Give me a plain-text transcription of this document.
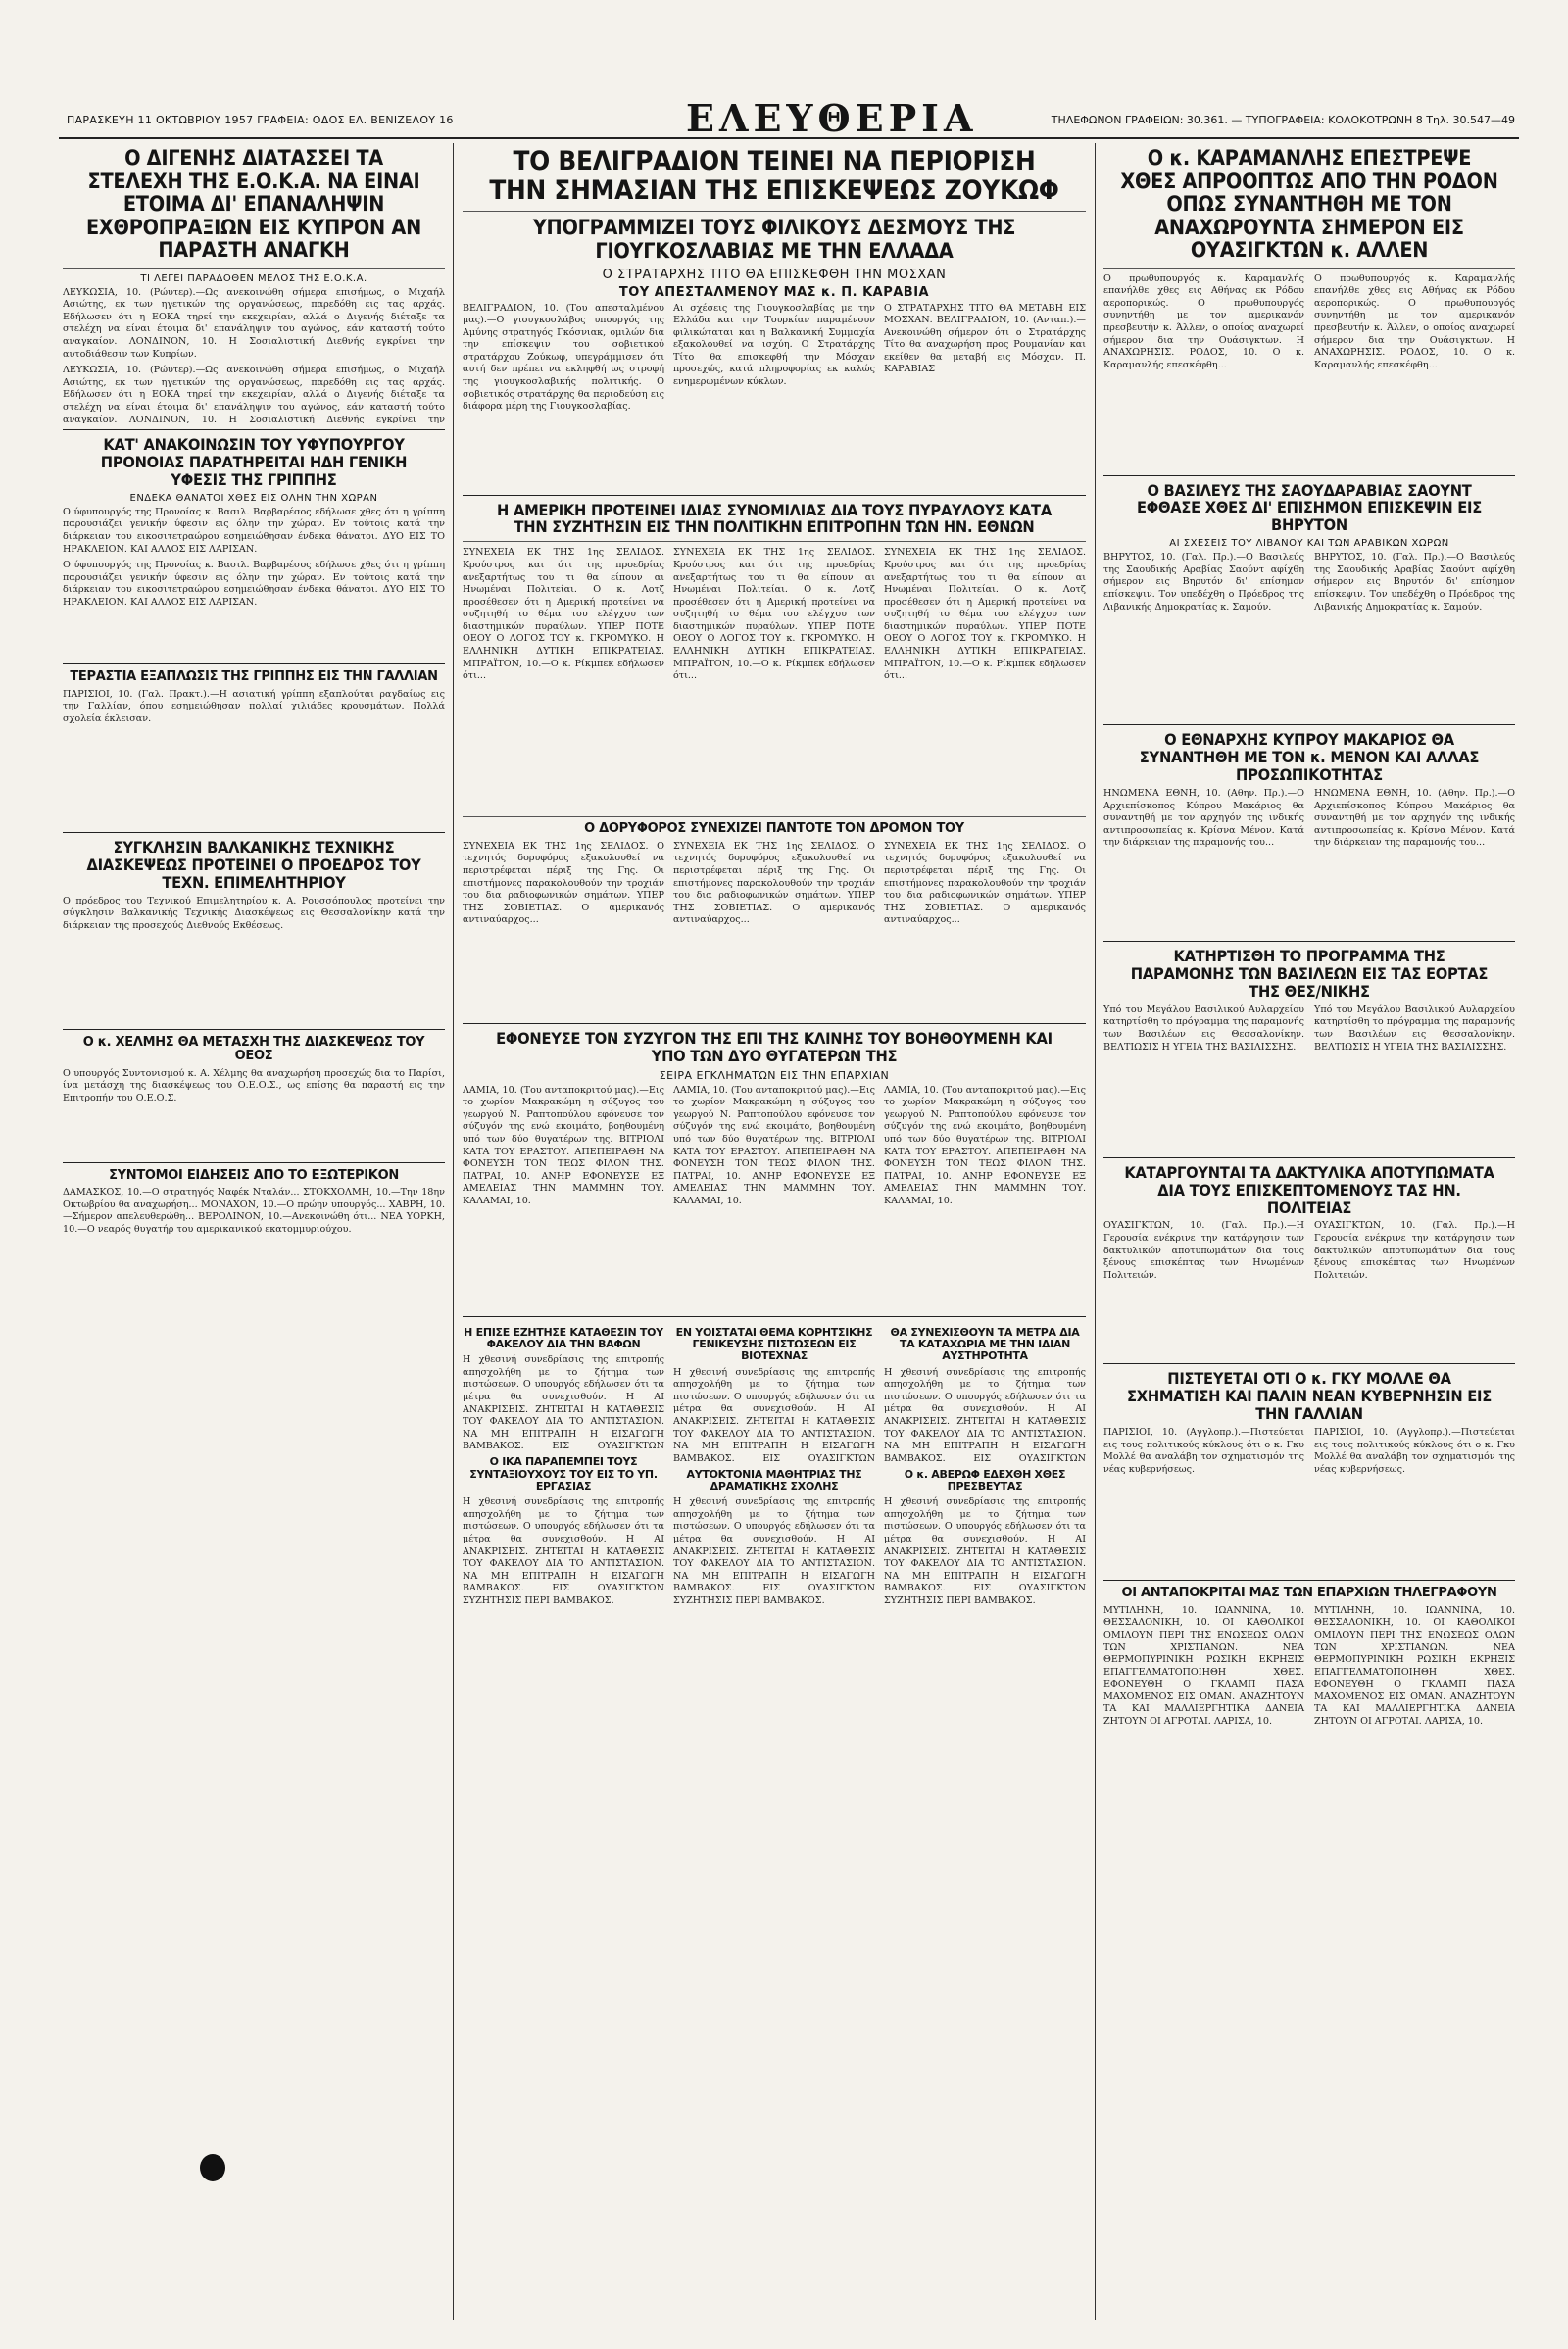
ΠΑΡΑΣΚΕΥΗ 11 ΟΚΤΩΒΡΙΟΥ 1957 ΓΡΑΦΕΙΑ: ΟΔΟΣ ΕΛ. ΒΕΝΙΖΕΛΟΥ 16	ΕΛΕΥΘΕΡΙΑ	ΤΗΛΕΦΩΝΟΝ ΓΡΑΦΕΙΩΝ: 30.361. — ΤΥΠΟΓΡΑΦΕΙΑ: ΚΟΛΟΚΟΤΡΩΝΗ 8 Τηλ. 30.547—49
Ο ΔΙΓΕΝΗΣ ΔΙΑΤΑΣΣΕΙ ΤΑ ΣΤΕΛΕΧΗ ΤΗΣ Ε.Ο.Κ.Α. ΝΑ ΕΙΝΑΙ ΕΤΟΙΜΑ ΔΙ' ΕΠΑΝΑΛΗΨΙΝ ΕΧΘΡΟΠΡΑΞΙΩΝ ΕΙΣ ΚΥΠΡΟΝ ΑΝ ΠΑΡΑΣΤΗ ΑΝΑΓΚΗ
ΤΙ ΛΕΓΕΙ ΠΑΡΑΔΟΘΕΝ ΜΕΛΟΣ ΤΗΣ Ε.Ο.Κ.Α.
ΛΕΥΚΩΣΙΑ, 10. (Ρώυτερ).—Ως ανεκοινώθη σήμερα επισήμως, ο Μιχαήλ Ασιώτης, εκ των ηγετικών της οργανώσεως, παρεδόθη εις τας αρχάς. Εδήλωσεν ότι η ΕΟΚΑ τηρεί την εκεχειρίαν, αλλά ο Διγενής διέταξε τα στελέχη να είναι έτοιμα δι' επανάληψιν του αγώνος, εάν καταστή τούτο αναγκαίον. ΛΟΝΔΙΝΟΝ, 10. Η Σοσιαλιστική Διεθνής εγκρίνει την αυτοδιάθεσιν των Κυπρίων.
ΛΕΥΚΩΣΙΑ, 10. (Ρώυτερ).—Ως ανεκοινώθη σήμερα επισήμως, ο Μιχαήλ Ασιώτης, εκ των ηγετικών της οργανώσεως, παρεδόθη εις τας αρχάς. Εδήλωσεν ότι η ΕΟΚΑ τηρεί την εκεχειρίαν, αλλά ο Διγενής διέταξε τα στελέχη να είναι έτοιμα δι' επανάληψιν του αγώνος, εάν καταστή τούτο αναγκαίον. ΛΟΝΔΙΝΟΝ, 10. Η Σοσιαλιστική Διεθνής εγκρίνει την
ΚΑΤ' ΑΝΑΚΟΙΝΩΣΙΝ ΤΟΥ ΥΦΥΠΟΥΡΓΟΥ ΠΡΟΝΟΙΑΣ ΠΑΡΑΤΗΡΕΙΤΑΙ ΗΔΗ ΓΕΝΙΚΗ ΥΦΕΣΙΣ ΤΗΣ ΓΡΙΠΠΗΣ
ΕΝΔΕΚΑ ΘΑΝΑΤΟΙ ΧΘΕΣ ΕΙΣ ΟΛΗΝ ΤΗΝ ΧΩΡΑΝ
Ο ύφυπουργός της Προνοίας κ. Βασιλ. Βαρβαρέσος εδήλωσε χθες ότι η γρίππη παρουσιάζει γενικήν ύφεσιν εις όλην την χώραν. Εν τούτοις κατά την διάρκειαν του εικοσιτετραώρου εσημειώθησαν ένδεκα θάνατοι. ΔΥΟ ΕΙΣ ΤΟ ΗΡΑΚΛΕΙΟΝ. ΚΑΙ ΑΛΛΟΣ ΕΙΣ ΛΑΡΙΣΑΝ.
Ο ύφυπουργός της Προνοίας κ. Βασιλ. Βαρβαρέσος εδήλωσε χθες ότι η γρίππη παρουσιάζει γενικήν ύφεσιν εις όλην την χώραν. Εν τούτοις κατά την διάρκειαν του εικοσιτετραώρου εσημειώθησαν ένδεκα θάνατοι. ΔΥΟ ΕΙΣ ΤΟ ΗΡΑΚΛΕΙΟΝ. ΚΑΙ ΑΛΛΟΣ ΕΙΣ ΛΑΡΙΣΑΝ.
ΤΕΡΑΣΤΙΑ ΕΞΑΠΛΩΣΙΣ ΤΗΣ ΓΡΙΠΠΗΣ ΕΙΣ ΤΗΝ ΓΑΛΛΙΑΝ
ΠΑΡΙΣΙΟΙ, 10. (Γαλ. Πρακτ.).—Η ασιατική γρίππη εξαπλούται ραγδαίως εις την Γαλλίαν, όπου εσημειώθησαν πολλαί χιλιάδες κρουσμάτων. Πολλά σχολεία έκλεισαν.
ΣΥΓΚΛΗΣΙΝ ΒΑΛΚΑΝΙΚΗΣ ΤΕΧΝΙΚΗΣ ΔΙΑΣΚΕΨΕΩΣ ΠΡΟΤΕΙΝΕΙ Ο ΠΡΟΕΔΡΟΣ ΤΟΥ ΤΕΧΝ. ΕΠΙΜΕΛΗΤΗΡΙΟΥ
Ο πρόεδρος του Τεχνικού Επιμελητηρίου κ. Α. Ρουσσόπουλος προτείνει την σύγκλησιν Βαλκανικής Τεχνικής Διασκέψεως εις Θεσσαλονίκην κατά την διάρκειαν της προσεχούς Διεθνούς Εκθέσεως.
Ο κ. ΧΕΛΜΗΣ ΘΑ ΜΕΤΑΣΧΗ ΤΗΣ ΔΙΑΣΚΕΨΕΩΣ ΤΟΥ ΟΕΟΣ
Ο υπουργός Συντονισμού κ. Α. Χέλμης θα αναχωρήση προσεχώς δια το Παρίσι, ίνα μετάσχη της διασκέψεως του Ο.Ε.Ο.Σ., ως επίσης θα παραστή εις την Επιτροπήν του Ο.Ε.Ο.Σ.
ΣΥΝΤΟΜΟΙ ΕΙΔΗΣΕΙΣ ΑΠΟ ΤΟ ΕΞΩΤΕΡΙΚΟΝ
ΔΑΜΑΣΚΟΣ, 10.—Ο στρατηγός Ναφέκ Νταλάν... ΣΤΟΚΧΟΛΜΗ, 10.—Την 18ην Οκτωβρίου θα αναχωρήση... ΜΟΝΑΧΟΝ, 10.—Ο πρώην υπουργός... ΧΑΒΡΗ, 10.—Σήμερον απελευθερώθη... ΒΕΡΟΛΙΝΟΝ, 10.—Ανεκοινώθη ότι... ΝΕΑ ΥΟΡΚΗ, 10.—Ο νεαρός θυγατήρ του αμερικανικού εκατομμυριούχου.
ΤΟ ΒΕΛΙΓΡΑΔΙΟΝ ΤΕΙΝΕΙ ΝΑ ΠΕΡΙΟΡΙΣΗ ΤΗΝ ΣΗΜΑΣΙΑΝ ΤΗΣ ΕΠΙΣΚΕΨΕΩΣ ΖΟΥΚΩΦ
ΥΠΟΓΡΑΜΜΙΖΕΙ ΤΟΥΣ ΦΙΛΙΚΟΥΣ ΔΕΣΜΟΥΣ ΤΗΣ ΓΙΟΥΓΚΟΣΛΑΒΙΑΣ ΜΕ ΤΗΝ ΕΛΛΑΔΑ
Ο ΣΤΡΑΤΑΡΧΗΣ ΤΙΤΟ ΘΑ ΕΠΙΣΚΕΦΘΗ ΤΗΝ ΜΟΣΧΑΝ
ΤΟΥ ΑΠΕΣΤΑΛΜΕΝΟΥ ΜΑΣ κ. Π. ΚΑΡΑΒΙΑ
ΒΕΛΙΓΡΑΔΙΟΝ, 10. (Του απεσταλμένου μας).—Ο γιουγκοσλάβος υπουργός της Αμύνης στρατηγός Γκόσνιακ, ομιλών δια την επίσκεψιν του σοβιετικού στρατάρχου Ζούκωφ, υπεγράμμισεν ότι αυτή δεν πρέπει να εκληφθή ως στροφή της γιουγκοσλαβικής πολιτικής. Ο σοβιετικός στρατάρχης θα περιοδεύση εις διάφορα μέρη της Γιουγκοσλαβίας.
Αι σχέσεις της Γιουγκοσλαβίας με την Ελλάδα και την Τουρκίαν παραμένουν φιλικώταται και η Βαλκανική Συμμαχία εξακολουθεί να ισχύη. Ο Στρατάρχης Τίτο θα επισκεφθή την Μόσχαν προσεχώς, κατά πληροφορίας εκ καλώς ενημερωμένων κύκλων.
Ο ΣΤΡΑΤΑΡΧΗΣ ΤΙΤΟ ΘΑ ΜΕΤΑΒΗ ΕΙΣ ΜΟΣΧΑΝ. ΒΕΛΙΓΡΑΔΙΟΝ, 10. (Ανταπ.).—Ανεκοινώθη σήμερον ότι ο Στρατάρχης Τίτο θα αναχωρήση προς Ρουμανίαν και εκείθεν θα μεταβή εις Μόσχαν. Π. ΚΑΡΑΒΙΑΣ
Η ΑΜΕΡΙΚΗ ΠΡΟΤΕΙΝΕΙ ΙΔΙΑΣ ΣΥΝΟΜΙΛΙΑΣ ΔΙΑ ΤΟΥΣ ΠΥΡΑΥΛΟΥΣ ΚΑΤΑ ΤΗΝ ΣΥΖΗΤΗΣΙΝ ΕΙΣ ΤΗΝ ΠΟΛΙΤΙΚΗΝ ΕΠΙΤΡΟΠΗΝ ΤΩΝ ΗΝ. ΕΘΝΩΝ
ΣΥΝΕΧΕΙΑ ΕΚ ΤΗΣ 1ης ΣΕΛΙΔΟΣ. Κρούστρος και ότι της προεδρίας ανεξαρτήτως του τι θα είπουν αι Ηνωμέναι Πολιτείαι. Ο κ. Λοτζ προσέθεσεν ότι η Αμερική προτείνει να συζητηθή το θέμα του ελέγχου των διαστημικών πυραύλων. ΥΠΕΡ ΠΟΤΕ ΟΕΟΥ Ο ΛΟΓΟΣ ΤΟΥ κ. ΓΚΡΟΜΥΚΟ. Η ΕΛΛΗΝΙΚΗ ΔΥΤΙΚΗ ΕΠΙΚΡΑΤΕΙΑΣ. ΜΠΡΑΪΤΟΝ, 10.—Ο κ. Ρίκμπεκ εδήλωσεν ότι...
ΣΥΝΕΧΕΙΑ ΕΚ ΤΗΣ 1ης ΣΕΛΙΔΟΣ. Κρούστρος και ότι της προεδρίας ανεξαρτήτως του τι θα είπουν αι Ηνωμέναι Πολιτείαι. Ο κ. Λοτζ προσέθεσεν ότι η Αμερική προτείνει να συζητηθή το θέμα του ελέγχου των διαστημικών πυραύλων. ΥΠΕΡ ΠΟΤΕ ΟΕΟΥ Ο ΛΟΓΟΣ ΤΟΥ κ. ΓΚΡΟΜΥΚΟ. Η ΕΛΛΗΝΙΚΗ ΔΥΤΙΚΗ ΕΠΙΚΡΑΤΕΙΑΣ. ΜΠΡΑΪΤΟΝ, 10.—Ο κ. Ρίκμπεκ εδήλωσεν ότι...
ΣΥΝΕΧΕΙΑ ΕΚ ΤΗΣ 1ης ΣΕΛΙΔΟΣ. Κρούστρος και ότι της προεδρίας ανεξαρτήτως του τι θα είπουν αι Ηνωμέναι Πολιτείαι. Ο κ. Λοτζ προσέθεσεν ότι η Αμερική προτείνει να συζητηθή το θέμα του ελέγχου των διαστημικών πυραύλων. ΥΠΕΡ ΠΟΤΕ ΟΕΟΥ Ο ΛΟΓΟΣ ΤΟΥ κ. ΓΚΡΟΜΥΚΟ. Η ΕΛΛΗΝΙΚΗ ΔΥΤΙΚΗ ΕΠΙΚΡΑΤΕΙΑΣ. ΜΠΡΑΪΤΟΝ, 10.—Ο κ. Ρίκμπεκ εδήλωσεν ότι...
Ο ΔΟΡΥΦΟΡΟΣ ΣΥΝΕΧΙΖΕΙ ΠΑΝΤΟΤΕ ΤΟΝ ΔΡΟΜΟΝ ΤΟΥ
ΣΥΝΕΧΕΙΑ ΕΚ ΤΗΣ 1ης ΣΕΛΙΔΟΣ. Ο τεχνητός δορυφόρος εξακολουθεί να περιστρέφεται πέριξ της Γης. Οι επιστήμονες παρακολουθούν την τροχιάν του δια ραδιοφωνικών σημάτων. ΥΠΕΡ ΤΗΣ ΣΟΒΙΕΤΙΑΣ. Ο αμερικανός αντιναύαρχος...
ΣΥΝΕΧΕΙΑ ΕΚ ΤΗΣ 1ης ΣΕΛΙΔΟΣ. Ο τεχνητός δορυφόρος εξακολουθεί να περιστρέφεται πέριξ της Γης. Οι επιστήμονες παρακολουθούν την τροχιάν του δια ραδιοφωνικών σημάτων. ΥΠΕΡ ΤΗΣ ΣΟΒΙΕΤΙΑΣ. Ο αμερικανός αντιναύαρχος...
ΣΥΝΕΧΕΙΑ ΕΚ ΤΗΣ 1ης ΣΕΛΙΔΟΣ. Ο τεχνητός δορυφόρος εξακολουθεί να περιστρέφεται πέριξ της Γης. Οι επιστήμονες παρακολουθούν την τροχιάν του δια ραδιοφωνικών σημάτων. ΥΠΕΡ ΤΗΣ ΣΟΒΙΕΤΙΑΣ. Ο αμερικανός αντιναύαρχος...
ΕΦΟΝΕΥΣΕ ΤΟΝ ΣΥΖΥΓΟΝ ΤΗΣ ΕΠΙ ΤΗΣ ΚΛΙΝΗΣ ΤΟΥ ΒΟΗΘΟΥΜΕΝΗ ΚΑΙ ΥΠΟ ΤΩΝ ΔΥΟ ΘΥΓΑΤΕΡΩΝ ΤΗΣ
ΣΕΙΡΑ ΕΓΚΛΗΜΑΤΩΝ ΕΙΣ ΤΗΝ ΕΠΑΡΧΙΑΝ
ΛΑΜΙΑ, 10. (Του ανταποκριτού μας).—Εις το χωρίον Μακρακώμη η σύζυγος του γεωργού Ν. Ραπτοπούλου εφόνευσε τον σύζυγόν της ενώ εκοιμάτο, βοηθουμένη υπό των δύο θυγατέρων της. ΒΙΤΡΙΟΛΙ ΚΑΤΑ ΤΟΥ ΕΡΑΣΤΟΥ. ΑΠΕΠΕΙΡΑΘΗ ΝΑ ΦΟΝΕΥΣΗ ΤΟΝ ΤΕΩΣ ΦΙΛΟΝ ΤΗΣ. ΠΑΤΡΑΙ, 10. ΑΝΗΡ ΕΦΟΝΕΥΣΕ ΕΞ ΑΜΕΛΕΙΑΣ ΤΗΝ ΜΑΜΜΗΝ ΤΟΥ. ΚΑΛΑΜΑΙ, 10.
ΛΑΜΙΑ, 10. (Του ανταποκριτού μας).—Εις το χωρίον Μακρακώμη η σύζυγος του γεωργού Ν. Ραπτοπούλου εφόνευσε τον σύζυγόν της ενώ εκοιμάτο, βοηθουμένη υπό των δύο θυγατέρων της. ΒΙΤΡΙΟΛΙ ΚΑΤΑ ΤΟΥ ΕΡΑΣΤΟΥ. ΑΠΕΠΕΙΡΑΘΗ ΝΑ ΦΟΝΕΥΣΗ ΤΟΝ ΤΕΩΣ ΦΙΛΟΝ ΤΗΣ. ΠΑΤΡΑΙ, 10. ΑΝΗΡ ΕΦΟΝΕΥΣΕ ΕΞ ΑΜΕΛΕΙΑΣ ΤΗΝ ΜΑΜΜΗΝ ΤΟΥ. ΚΑΛΑΜΑΙ, 10.
ΛΑΜΙΑ, 10. (Του ανταποκριτού μας).—Εις το χωρίον Μακρακώμη η σύζυγος του γεωργού Ν. Ραπτοπούλου εφόνευσε τον σύζυγόν της ενώ εκοιμάτο, βοηθουμένη υπό των δύο θυγατέρων της. ΒΙΤΡΙΟΛΙ ΚΑΤΑ ΤΟΥ ΕΡΑΣΤΟΥ. ΑΠΕΠΕΙΡΑΘΗ ΝΑ ΦΟΝΕΥΣΗ ΤΟΝ ΤΕΩΣ ΦΙΛΟΝ ΤΗΣ. ΠΑΤΡΑΙ, 10. ΑΝΗΡ ΕΦΟΝΕΥΣΕ ΕΞ ΑΜΕΛΕΙΑΣ ΤΗΝ ΜΑΜΜΗΝ ΤΟΥ. ΚΑΛΑΜΑΙ, 10.
Η ΕΠΙΣΕ ΕΖΗΤΗΣΕ ΚΑΤΑΘΕΣΙΝ ΤΟΥ ΦΑΚΕΛΟΥ ΔΙΑ ΤΗΝ ΒΑΦΩΝ
Η χθεσινή συνεδρίασις της επιτροπής απησχολήθη με το ζήτημα των πιστώσεων. Ο υπουργός εδήλωσεν ότι τα μέτρα θα συνεχισθούν. Η ΑΙ ΑΝΑΚΡΙΣΕΙΣ. ΖΗΤΕΙΤΑΙ Η ΚΑΤΑΘΕΣΙΣ ΤΟΥ ΦΑΚΕΛΟΥ ΔΙΑ ΤΟ ΑΝΤΙΣΤΑΣΙΟΝ. ΝΑ ΜΗ ΕΠΙΤΡΑΠΗ Η ΕΙΣΑΓΩΓΗ ΒΑΜΒΑΚΟΣ. ΕΙΣ ΟΥΑΣΙΓΚΤΩΝ
Ο ΙΚΑ ΠΑΡΑΠΕΜΠΕΙ ΤΟΥΣ ΣΥΝΤΑΞΙΟΥΧΟΥΣ ΤΟΥ ΕΙΣ ΤΟ ΥΠ. ΕΡΓΑΣΙΑΣ
Η χθεσινή συνεδρίασις της επιτροπής απησχολήθη με το ζήτημα των πιστώσεων. Ο υπουργός εδήλωσεν ότι τα μέτρα θα συνεχισθούν. Η ΑΙ ΑΝΑΚΡΙΣΕΙΣ. ΖΗΤΕΙΤΑΙ Η ΚΑΤΑΘΕΣΙΣ ΤΟΥ ΦΑΚΕΛΟΥ ΔΙΑ ΤΟ ΑΝΤΙΣΤΑΣΙΟΝ. ΝΑ ΜΗ ΕΠΙΤΡΑΠΗ Η ΕΙΣΑΓΩΓΗ ΒΑΜΒΑΚΟΣ. ΕΙΣ ΟΥΑΣΙΓΚΤΩΝ ΣΥΖΗΤΗΣΙΣ ΠΕΡΙ ΒΑΜΒΑΚΟΣ.
ΕΝ ΥΟΙΣΤΑΤΑΙ ΘΕΜΑ ΚΟΡΗΤΣΙΚΗΣ ΓΕΝΙΚΕΥΣΗΣ ΠΙΣΤΩΣΕΩΝ ΕΙΣ ΒΙΟΤΕΧΝΑΣ
Η χθεσινή συνεδρίασις της επιτροπής απησχολήθη με το ζήτημα των πιστώσεων. Ο υπουργός εδήλωσεν ότι τα μέτρα θα συνεχισθούν. Η ΑΙ ΑΝΑΚΡΙΣΕΙΣ. ΖΗΤΕΙΤΑΙ Η ΚΑΤΑΘΕΣΙΣ ΤΟΥ ΦΑΚΕΛΟΥ ΔΙΑ ΤΟ ΑΝΤΙΣΤΑΣΙΟΝ. ΝΑ ΜΗ ΕΠΙΤΡΑΠΗ Η ΕΙΣΑΓΩΓΗ ΒΑΜΒΑΚΟΣ. ΕΙΣ ΟΥΑΣΙΓΚΤΩΝ
ΑΥΤΟΚΤΟΝΙΑ ΜΑΘΗΤΡΙΑΣ ΤΗΣ ΔΡΑΜΑΤΙΚΗΣ ΣΧΟΛΗΣ
Η χθεσινή συνεδρίασις της επιτροπής απησχολήθη με το ζήτημα των πιστώσεων. Ο υπουργός εδήλωσεν ότι τα μέτρα θα συνεχισθούν. Η ΑΙ ΑΝΑΚΡΙΣΕΙΣ. ΖΗΤΕΙΤΑΙ Η ΚΑΤΑΘΕΣΙΣ ΤΟΥ ΦΑΚΕΛΟΥ ΔΙΑ ΤΟ ΑΝΤΙΣΤΑΣΙΟΝ. ΝΑ ΜΗ ΕΠΙΤΡΑΠΗ Η ΕΙΣΑΓΩΓΗ ΒΑΜΒΑΚΟΣ. ΕΙΣ ΟΥΑΣΙΓΚΤΩΝ ΣΥΖΗΤΗΣΙΣ ΠΕΡΙ ΒΑΜΒΑΚΟΣ.
ΘΑ ΣΥΝΕΧΙΣΘΟΥΝ ΤΑ ΜΕΤΡΑ ΔΙΑ ΤΑ ΚΑΤΑΧΩΡΙΑ ΜΕ ΤΗΝ ΙΔΙΑΝ ΑΥΣΤΗΡΟΤΗΤΑ
Η χθεσινή συνεδρίασις της επιτροπής απησχολήθη με το ζήτημα των πιστώσεων. Ο υπουργός εδήλωσεν ότι τα μέτρα θα συνεχισθούν. Η ΑΙ ΑΝΑΚΡΙΣΕΙΣ. ΖΗΤΕΙΤΑΙ Η ΚΑΤΑΘΕΣΙΣ ΤΟΥ ΦΑΚΕΛΟΥ ΔΙΑ ΤΟ ΑΝΤΙΣΤΑΣΙΟΝ. ΝΑ ΜΗ ΕΠΙΤΡΑΠΗ Η ΕΙΣΑΓΩΓΗ ΒΑΜΒΑΚΟΣ. ΕΙΣ ΟΥΑΣΙΓΚΤΩΝ
Ο κ. ΑΒΕΡΩΦ ΕΔΕΧΘΗ ΧΘΕΣ ΠΡΕΣΒΕΥΤΑΣ
Η χθεσινή συνεδρίασις της επιτροπής απησχολήθη με το ζήτημα των πιστώσεων. Ο υπουργός εδήλωσεν ότι τα μέτρα θα συνεχισθούν. Η ΑΙ ΑΝΑΚΡΙΣΕΙΣ. ΖΗΤΕΙΤΑΙ Η ΚΑΤΑΘΕΣΙΣ ΤΟΥ ΦΑΚΕΛΟΥ ΔΙΑ ΤΟ ΑΝΤΙΣΤΑΣΙΟΝ. ΝΑ ΜΗ ΕΠΙΤΡΑΠΗ Η ΕΙΣΑΓΩΓΗ ΒΑΜΒΑΚΟΣ. ΕΙΣ ΟΥΑΣΙΓΚΤΩΝ ΣΥΖΗΤΗΣΙΣ ΠΕΡΙ ΒΑΜΒΑΚΟΣ.
Ο κ. ΚΑΡΑΜΑΝΛΗΣ ΕΠΕΣΤΡΕΨΕ ΧΘΕΣ ΑΠΡΟΟΠΤΩΣ ΑΠΟ ΤΗΝ ΡΟΔΟΝ ΟΠΩΣ ΣΥΝΑΝΤΗΘΗ ΜΕ ΤΟΝ ΑΝΑΧΩΡΟΥΝΤΑ ΣΗΜΕΡΟΝ ΕΙΣ ΟΥΑΣΙΓΚΤΩΝ κ. ΑΛΛΕΝ
Ο πρωθυπουργός κ. Καραμανλής επανήλθε χθες εις Αθήνας εκ Ρόδου αεροπορικώς. Ο πρωθυπουργός συνηντήθη με τον αμερικανόν πρεσβευτήν κ. Άλλεν, ο οποίος αναχωρεί σήμερον δια την Ουάσιγκτων. Η ΑΝΑΧΩΡΗΣΙΣ. ΡΟΔΟΣ, 10. Ο κ. Καραμανλής επεσκέφθη...
Ο πρωθυπουργός κ. Καραμανλής επανήλθε χθες εις Αθήνας εκ Ρόδου αεροπορικώς. Ο πρωθυπουργός συνηντήθη με τον αμερικανόν πρεσβευτήν κ. Άλλεν, ο οποίος αναχωρεί σήμερον δια την Ουάσιγκτων. Η ΑΝΑΧΩΡΗΣΙΣ. ΡΟΔΟΣ, 10. Ο κ. Καραμανλής επεσκέφθη...
Ο ΒΑΣΙΛΕΥΣ ΤΗΣ ΣΑΟΥΔΑΡΑΒΙΑΣ ΣΑΟΥΝΤ ΕΦΘΑΣΕ ΧΘΕΣ ΔΙ' ΕΠΙΣΗΜΟΝ ΕΠΙΣΚΕΨΙΝ ΕΙΣ ΒΗΡΥΤΟΝ
ΑΙ ΣΧΕΣΕΙΣ ΤΟΥ ΛΙΒΑΝΟΥ ΚΑΙ ΤΩΝ ΑΡΑΒΙΚΩΝ ΧΩΡΩΝ
ΒΗΡΥΤΟΣ, 10. (Γαλ. Πρ.).—Ο Βασιλεύς της Σαουδικής Αραβίας Σαούντ αφίχθη σήμερον εις Βηρυτόν δι' επίσημον επίσκεψιν. Τον υπεδέχθη ο Πρόεδρος της Λιβανικής Δημοκρατίας κ. Σαμούν.
ΒΗΡΥΤΟΣ, 10. (Γαλ. Πρ.).—Ο Βασιλεύς της Σαουδικής Αραβίας Σαούντ αφίχθη σήμερον εις Βηρυτόν δι' επίσημον επίσκεψιν. Τον υπεδέχθη ο Πρόεδρος της Λιβανικής Δημοκρατίας κ. Σαμούν.
Ο ΕΘΝΑΡΧΗΣ ΚΥΠΡΟΥ ΜΑΚΑΡΙΟΣ ΘΑ ΣΥΝΑΝΤΗΘΗ ΜΕ ΤΟΝ κ. ΜΕΝΟΝ ΚΑΙ ΑΛΛΑΣ ΠΡΟΣΩΠΙΚΟΤΗΤΑΣ
ΗΝΩΜΕΝΑ ΕΘΝΗ, 10. (Αθην. Πρ.).—Ο Αρχιεπίσκοπος Κύπρου Μακάριος θα συναντηθή με τον αρχηγόν της ινδικής αντιπροσωπείας κ. Κρίσνα Μένον. Κατά την διάρκειαν της παραμονής του...
ΗΝΩΜΕΝΑ ΕΘΝΗ, 10. (Αθην. Πρ.).—Ο Αρχιεπίσκοπος Κύπρου Μακάριος θα συναντηθή με τον αρχηγόν της ινδικής αντιπροσωπείας κ. Κρίσνα Μένον. Κατά την διάρκειαν της παραμονής του...
ΚΑΤΗΡΤΙΣΘΗ ΤΟ ΠΡΟΓΡΑΜΜΑ ΤΗΣ ΠΑΡΑΜΟΝΗΣ ΤΩΝ ΒΑΣΙΛΕΩΝ ΕΙΣ ΤΑΣ ΕΟΡΤΑΣ ΤΗΣ ΘΕΣ/ΝΙΚΗΣ
Υπό του Μεγάλου Βασιλικού Αυλαρχείου κατηρτίσθη το πρόγραμμα της παραμονής των Βασιλέων εις Θεσσαλονίκην. ΒΕΛΤΙΩΣΙΣ Η ΥΓΕΙΑ ΤΗΣ ΒΑΣΙΛΙΣΣΗΣ.
Υπό του Μεγάλου Βασιλικού Αυλαρχείου κατηρτίσθη το πρόγραμμα της παραμονής των Βασιλέων εις Θεσσαλονίκην. ΒΕΛΤΙΩΣΙΣ Η ΥΓΕΙΑ ΤΗΣ ΒΑΣΙΛΙΣΣΗΣ.
ΚΑΤΑΡΓΟΥΝΤΑΙ ΤΑ ΔΑΚΤΥΛΙΚΑ ΑΠΟΤΥΠΩΜΑΤΑ ΔΙΑ ΤΟΥΣ ΕΠΙΣΚΕΠΤΟΜΕΝΟΥΣ ΤΑΣ ΗΝ. ΠΟΛΙΤΕΙΑΣ
ΟΥΑΣΙΓΚΤΩΝ, 10. (Γαλ. Πρ.).—Η Γερουσία ενέκρινε την κατάργησιν των δακτυλικών αποτυπωμάτων δια τους ξένους επισκέπτας των Ηνωμένων Πολιτειών.
ΟΥΑΣΙΓΚΤΩΝ, 10. (Γαλ. Πρ.).—Η Γερουσία ενέκρινε την κατάργησιν των δακτυλικών αποτυπωμάτων δια τους ξένους επισκέπτας των Ηνωμένων Πολιτειών.
ΠΙΣΤΕΥΕΤΑΙ ΟΤΙ Ο κ. ΓΚΥ ΜΟΛΛΕ ΘΑ ΣΧΗΜΑΤΙΣΗ ΚΑΙ ΠΑΛΙΝ ΝΕΑΝ ΚΥΒΕΡΝΗΣΙΝ ΕΙΣ ΤΗΝ ΓΑΛΛΙΑΝ
ΠΑΡΙΣΙΟΙ, 10. (Αγγλοπρ.).—Πιστεύεται εις τους πολιτικούς κύκλους ότι ο κ. Γκυ Μολλέ θα αναλάβη τον σχηματισμόν της νέας κυβερνήσεως.
ΠΑΡΙΣΙΟΙ, 10. (Αγγλοπρ.).—Πιστεύεται εις τους πολιτικούς κύκλους ότι ο κ. Γκυ Μολλέ θα αναλάβη τον σχηματισμόν της νέας κυβερνήσεως.
ΟΙ ΑΝΤΑΠΟΚΡΙΤΑΙ ΜΑΣ ΤΩΝ ΕΠΑΡΧΙΩΝ ΤΗΛΕΓΡΑΦΟΥΝ
ΜΥΤΙΛΗΝΗ, 10. ΙΩΑΝΝΙΝΑ, 10. ΘΕΣΣΑΛΟΝΙΚΗ, 10. ΟΙ ΚΑΘΟΛΙΚΟΙ ΟΜΙΛΟΥΝ ΠΕΡΙ ΤΗΣ ΕΝΩΣΕΩΣ ΟΛΩΝ ΤΩΝ ΧΡΙΣΤΙΑΝΩΝ. ΝΕΑ ΘΕΡΜΟΠΥΡΙΝΙΚΗ ΡΩΣΙΚΗ ΕΚΡΗΞΙΣ ΕΠΑΓΓΕΛΜΑΤΟΠΟΙΗΘΗ ΧΘΕΣ. ΕΦΟΝΕΥΘΗ Ο ΓΚΛΑΜΠ ΠΑΣΑ ΜΑΧΟΜΕΝΟΣ ΕΙΣ ΟΜΑΝ. ΑΝΑΖΗΤΟΥΝ ΤΑ ΚΑΙ ΜΑΛΛΙΕΡΓΗΤΙΚΑ ΔΑΝΕΙΑ ΖΗΤΟΥΝ ΟΙ ΑΓΡΟΤΑΙ. ΛΑΡΙΣΑ, 10.
ΜΥΤΙΛΗΝΗ, 10. ΙΩΑΝΝΙΝΑ, 10. ΘΕΣΣΑΛΟΝΙΚΗ, 10. ΟΙ ΚΑΘΟΛΙΚΟΙ ΟΜΙΛΟΥΝ ΠΕΡΙ ΤΗΣ ΕΝΩΣΕΩΣ ΟΛΩΝ ΤΩΝ ΧΡΙΣΤΙΑΝΩΝ. ΝΕΑ ΘΕΡΜΟΠΥΡΙΝΙΚΗ ΡΩΣΙΚΗ ΕΚΡΗΞΙΣ ΕΠΑΓΓΕΛΜΑΤΟΠΟΙΗΘΗ ΧΘΕΣ. ΕΦΟΝΕΥΘΗ Ο ΓΚΛΑΜΠ ΠΑΣΑ ΜΑΧΟΜΕΝΟΣ ΕΙΣ ΟΜΑΝ. ΑΝΑΖΗΤΟΥΝ ΤΑ ΚΑΙ ΜΑΛΛΙΕΡΓΗΤΙΚΑ ΔΑΝΕΙΑ ΖΗΤΟΥΝ ΟΙ ΑΓΡΟΤΑΙ. ΛΑΡΙΣΑ, 10.
